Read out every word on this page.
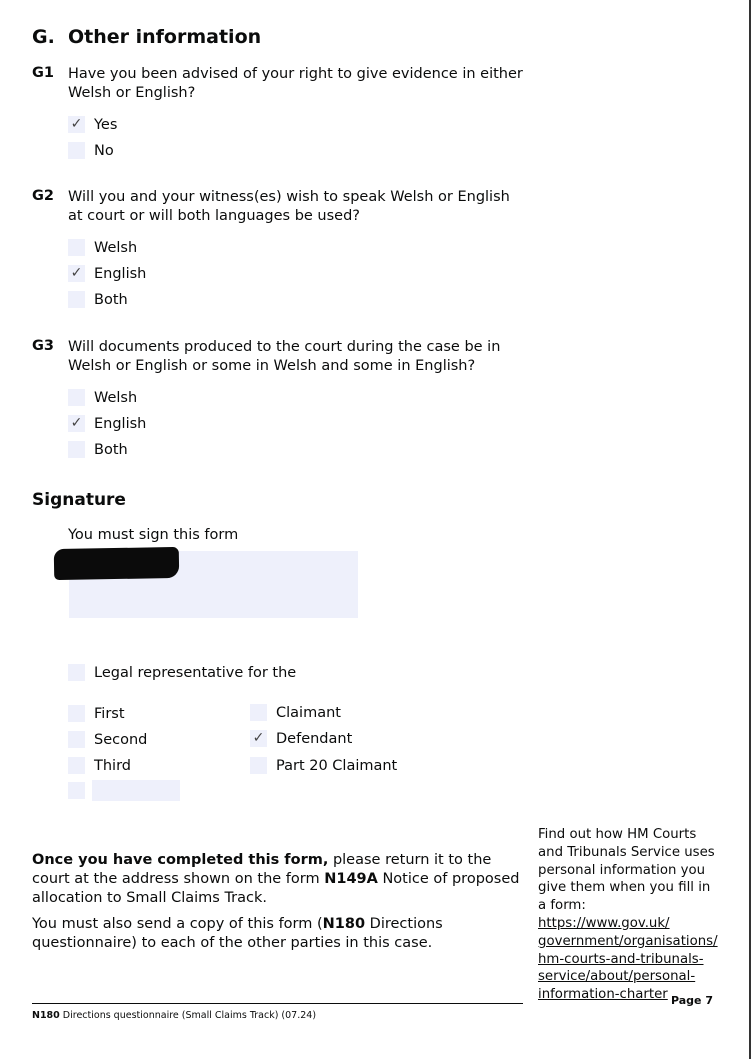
G. Other information
G1 Have you been advised of your right to give evidence in either Welsh or English?
✓ Yes
No
G2 Will you and your witness(es) wish to speak Welsh or English at court or will both languages be used?
Welsh
✓ English
Both
G3 Will documents produced to the court during the case be in Welsh or English or some in Welsh and some in English?
Welsh
✓ English
Both
Signature
You must sign this form
Legal representative for the
First
Second
Third
Claimant
✓ Defendant
Part 20 Claimant

Once you have completed this form, please return it to the court at the address shown on the form N149A Notice of proposed allocation to Small Claims Track.

You must also send a copy of this form (N180 Directions questionnaire) to each of the other parties in this case.

Find out how HM Courts and Tribunals Service uses personal information you give them when you fill in a form: https://www.gov.uk/
government/organisations/
hm-courts-and-tribunals-
service/about/personal-
information-charter Page 7
N180 Directions questionnaire (Small Claims Track) (07.24)
